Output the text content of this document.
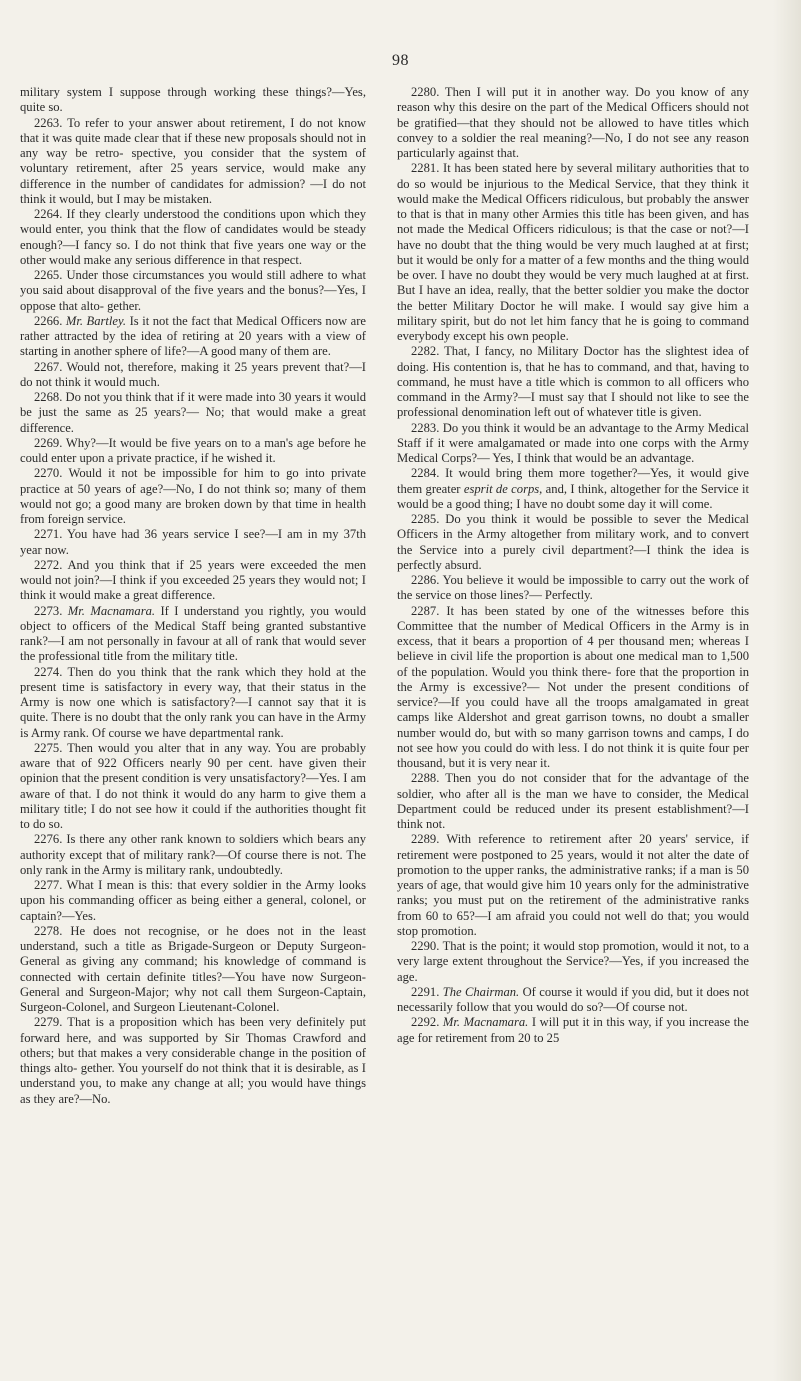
98

military system I suppose through working these things?—Yes, quite so.

2263. To refer to your answer about retirement, I do not know that it was quite made clear that if these new proposals should not in any way be retro- spective, you consider that the system of voluntary retirement, after 25 years service, would make any difference in the number of candidates for admission? —I do not think it would, but I may be mistaken.

2264. If they clearly understood the conditions upon which they would enter, you think that the flow of candidates would be steady enough?—I fancy so. I do not think that five years one way or the other would make any serious difference in that respect.

2265. Under those circumstances you would still adhere to what you said about disapproval of the five years and the bonus?—Yes, I oppose that alto- gether.

2266. Mr. Bartley. Is it not the fact that Medical Officers now are rather attracted by the idea of retiring at 20 years with a view of starting in another sphere of life?—A good many of them are.

2267. Would not, therefore, making it 25 years prevent that?—I do not think it would much.

2268. Do not you think that if it were made into 30 years it would be just the same as 25 years?— No; that would make a great difference.

2269. Why?—It would be five years on to a man's age before he could enter upon a private practice, if he wished it.

2270. Would it not be impossible for him to go into private practice at 50 years of age?—No, I do not think so; many of them would not go; a good many are broken down by that time in health from foreign service.

2271. You have had 36 years service I see?—I am in my 37th year now.

2272. And you think that if 25 years were exceeded the men would not join?—I think if you exceeded 25 years they would not; I think it would make a great difference.

2273. Mr. Macnamara. If I understand you rightly, you would object to officers of the Medical Staff being granted substantive rank?—I am not personally in favour at all of rank that would sever the professional title from the military title.

2274. Then do you think that the rank which they hold at the present time is satisfactory in every way, that their status in the Army is now one which is satisfactory?—I cannot say that it is quite. There is no doubt that the only rank you can have in the Army is Army rank. Of course we have departmental rank.

2275. Then would you alter that in any way. You are probably aware that of 922 Officers nearly 90 per cent. have given their opinion that the present condition is very unsatisfactory?—Yes. I am aware of that. I do not think it would do any harm to give them a military title; I do not see how it could if the authorities thought fit to do so.

2276. Is there any other rank known to soldiers which bears any authority except that of military rank?—Of course there is not. The only rank in the Army is military rank, undoubtedly.

2277. What I mean is this: that every soldier in the Army looks upon his commanding officer as being either a general, colonel, or captain?—Yes.

2278. He does not recognise, or he does not in the least understand, such a title as Brigade-Surgeon or Deputy Surgeon-General as giving any command; his knowledge of command is connected with certain definite titles?—You have now Surgeon-General and Surgeon-Major; why not call them Surgeon-Captain, Surgeon-Colonel, and Surgeon Lieutenant-Colonel.

2279. That is a proposition which has been very definitely put forward here, and was supported by Sir Thomas Crawford and others; but that makes a very considerable change in the position of things alto- gether. You yourself do not think that it is desirable, as I understand you, to make any change at all; you would have things as they are?—No.

2280. Then I will put it in another way. Do you know of any reason why this desire on the part of the Medical Officers should not be gratified—that they should not be allowed to have titles which convey to a soldier the real meaning?—No, I do not see any reason particularly against that.

2281. It has been stated here by several military authorities that to do so would be injurious to the Medical Service, that they think it would make the Medical Officers ridiculous, but probably the answer to that is that in many other Armies this title has been given, and has not made the Medical Officers ridiculous; is that the case or not?—I have no doubt that the thing would be very much laughed at at first; but it would be only for a matter of a few months and the thing would be over. I have no doubt they would be very much laughed at at first. But I have an idea, really, that the better soldier you make the doctor the better Military Doctor he will make. I would say give him a military spirit, but do not let him fancy that he is going to command everybody except his own people.

2282. That, I fancy, no Military Doctor has the slightest idea of doing. His contention is, that he has to command, and that, having to command, he must have a title which is common to all officers who command in the Army?—I must say that I should not like to see the professional denomination left out of whatever title is given.

2283. Do you think it would be an advantage to the Army Medical Staff if it were amalgamated or made into one corps with the Army Medical Corps?— Yes, I think that would be an advantage.

2284. It would bring them more together?—Yes, it would give them greater esprit de corps, and, I think, altogether for the Service it would be a good thing; I have no doubt some day it will come.

2285. Do you think it would be possible to sever the Medical Officers in the Army altogether from military work, and to convert the Service into a purely civil department?—I think the idea is perfectly absurd.

2286. You believe it would be impossible to carry out the work of the service on those lines?— Perfectly.

2287. It has been stated by one of the witnesses before this Committee that the number of Medical Officers in the Army is in excess, that it bears a proportion of 4 per thousand men; whereas I believe in civil life the proportion is about one medical man to 1,500 of the population. Would you think there- fore that the proportion in the Army is excessive?— Not under the present conditions of service?—If you could have all the troops amalgamated in great camps like Aldershot and great garrison towns, no doubt a smaller number would do, but with so many garrison towns and camps, I do not see how you could do with less. I do not think it is quite four per thousand, but it is very near it.

2288. Then you do not consider that for the advantage of the soldier, who after all is the man we have to consider, the Medical Department could be reduced under its present establishment?—I think not.

2289. With reference to retirement after 20 years' service, if retirement were postponed to 25 years, would it not alter the date of promotion to the upper ranks, the administrative ranks; if a man is 50 years of age, that would give him 10 years only for the administrative ranks; you must put on the retirement of the administrative ranks from 60 to 65?—I am afraid you could not well do that; you would stop promotion.

2290. That is the point; it would stop promotion, would it not, to a very large extent throughout the Service?—Yes, if you increased the age.

2291. The Chairman. Of course it would if you did, but it does not necessarily follow that you would do so?—Of course not.

2292. Mr. Macnamara. I will put it in this way, if you increase the age for retirement from 20 to 25
